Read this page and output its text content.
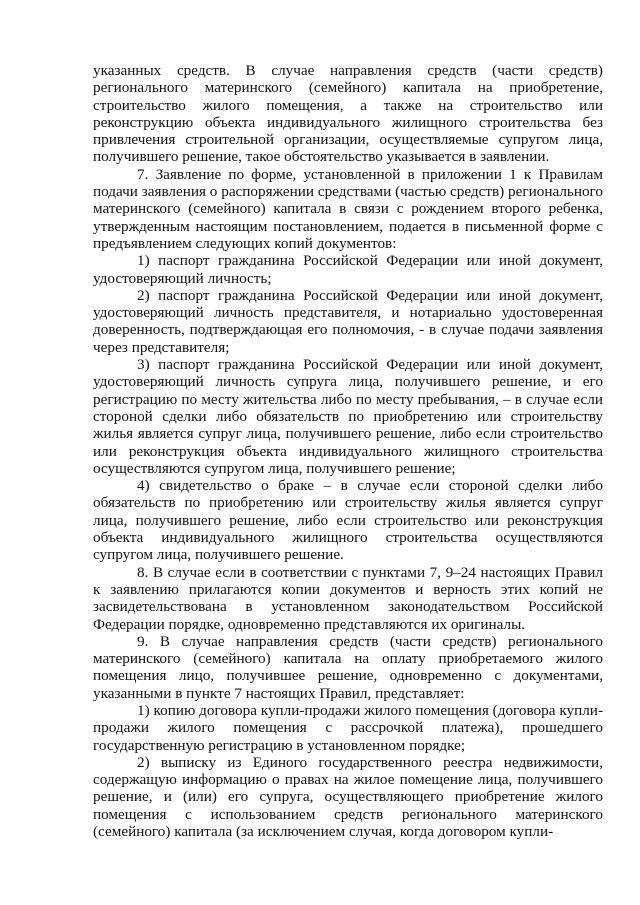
указанных средств. В случае направления средств (части средств) регионального материнского (семейного) капитала на приобретение, строительство жилого помещения, а также на строительство или реконструкцию объекта индивидуального жилищного строительства без привлечения строительной организации, осуществляемые супругом лица, получившего решение, такое обстоятельство указывается в заявлении.

7. Заявление по форме, установленной в приложении 1 к Правилам подачи заявления о распоряжении средствами (частью средств) регионального материнского (семейного) капитала в связи с рождением второго ребенка, утвержденным настоящим постановлением, подается в письменной форме с предъявлением следующих копий документов:

1) паспорт гражданина Российской Федерации или иной документ, удостоверяющий личность;

2) паспорт гражданина Российской Федерации или иной документ, удостоверяющий личность представителя, и нотариально удостоверенная доверенность, подтверждающая его полномочия, - в случае подачи заявления через представителя;

3) паспорт гражданина Российской Федерации или иной документ, удостоверяющий личность супруга лица, получившего решение, и его регистрацию по месту жительства либо по месту пребывания, – в случае если стороной сделки либо обязательств по приобретению или строительству жилья является супруг лица, получившего решение, либо если строительство или реконструкция объекта индивидуального жилищного строительства осуществляются супругом лица, получившего решение;

4) свидетельство о браке – в случае если стороной сделки либо обязательств по приобретению или строительству жилья является супруг лица, получившего решение, либо если строительство или реконструкция объекта индивидуального жилищного строительства осуществляются супругом лица, получившего решение.

8. В случае если в соответствии с пунктами 7, 9–24 настоящих Правил к заявлению прилагаются копии документов и верность этих копий не засвидетельствована в установленном законодательством Российской Федерации порядке, одновременно представляются их оригиналы.

9. В случае направления средств (части средств) регионального материнского (семейного) капитала на оплату приобретаемого жилого помещения лицо, получившее решение, одновременно с документами, указанными в пункте 7 настоящих Правил, представляет:

1) копию договора купли-продажи жилого помещения (договора купли-продажи жилого помещения с рассрочкой платежа), прошедшего государственную регистрацию в установленном порядке;

2) выписку из Единого государственного реестра недвижимости, содержащую информацию о правах на жилое помещение лица, получившего решение, и (или) его супруга, осуществляющего приобретение жилого помещения с использованием средств регионального материнского (семейного) капитала (за исключением случая, когда договором купли-
